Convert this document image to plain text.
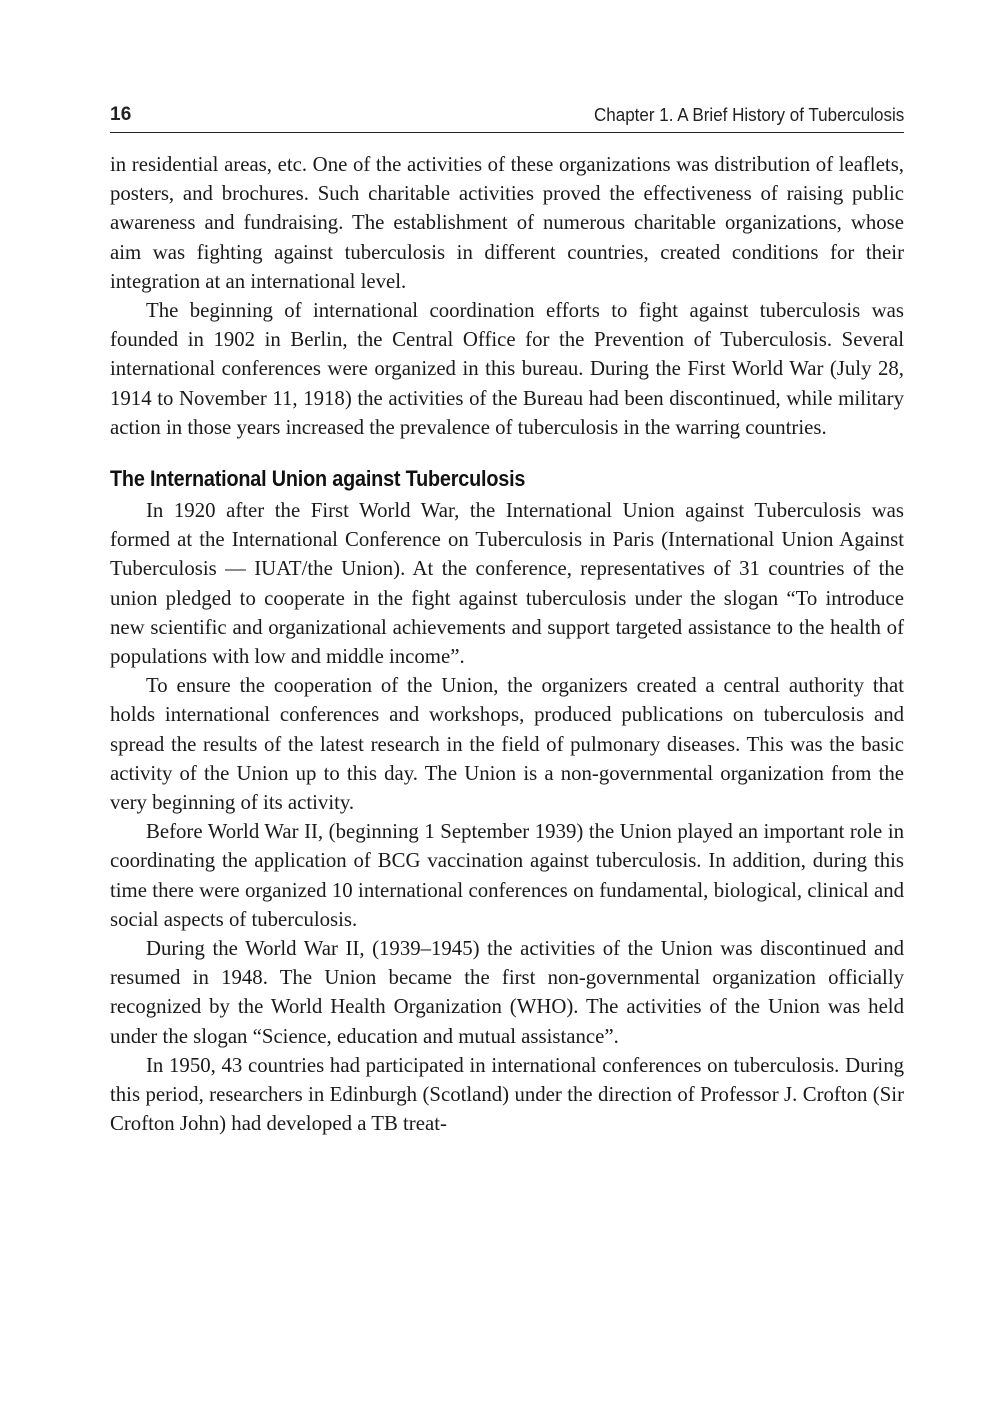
16	Chapter 1. A Brief History of Tuberculosis

in residential areas, etc. One of the activities of these organizations was distribution of leaflets, posters, and brochures. Such charitable activities proved the effectiveness of raising public awareness and fundraising. The establishment of numerous charitable organizations, whose aim was fighting against tuberculosis in different countries, created conditions for their integration at an international level.

The beginning of international coordination efforts to fight against tuberculosis was founded in 1902 in Berlin, the Central Office for the Prevention of Tuberculosis. Several international conferences were organized in this bureau. During the First World War (July 28, 1914 to November 11, 1918) the activities of the Bureau had been discontinued, while military action in those years increased the prevalence of tuberculosis in the warring countries.

The International Union against Tuberculosis

In 1920 after the First World War, the International Union against Tuberculosis was formed at the International Conference on Tuberculosis in Paris (International Union Against Tuberculosis — IUAT/the Union). At the conference, representatives of 31 countries of the union pledged to cooperate in the fight against tuberculosis under the slogan “To introduce new scientific and organizational achievements and support targeted assistance to the health of populations with low and middle income”.

To ensure the cooperation of the Union, the organizers created a central authority that holds international conferences and workshops, produced publications on tuberculosis and spread the results of the latest research in the field of pulmonary diseases. This was the basic activity of the Union up to this day. The Union is a non-governmental organization from the very beginning of its activity.

Before World War II, (beginning 1 September 1939) the Union played an important role in coordinating the application of BCG vaccination against tuberculosis. In addition, during this time there were organized 10 international conferences on fundamental, biological, clinical and social aspects of tuberculosis.

During the World War II, (1939–1945) the activities of the Union was discontinued and resumed in 1948. The Union became the first non-governmental organization officially recognized by the World Health Organization (WHO). The activities of the Union was held under the slogan “Science, education and mutual assistance”.

In 1950, 43 countries had participated in international conferences on tuberculosis. During this period, researchers in Edinburgh (Scotland) under the direction of Professor J. Crofton (Sir Crofton John) had developed a TB treat-
